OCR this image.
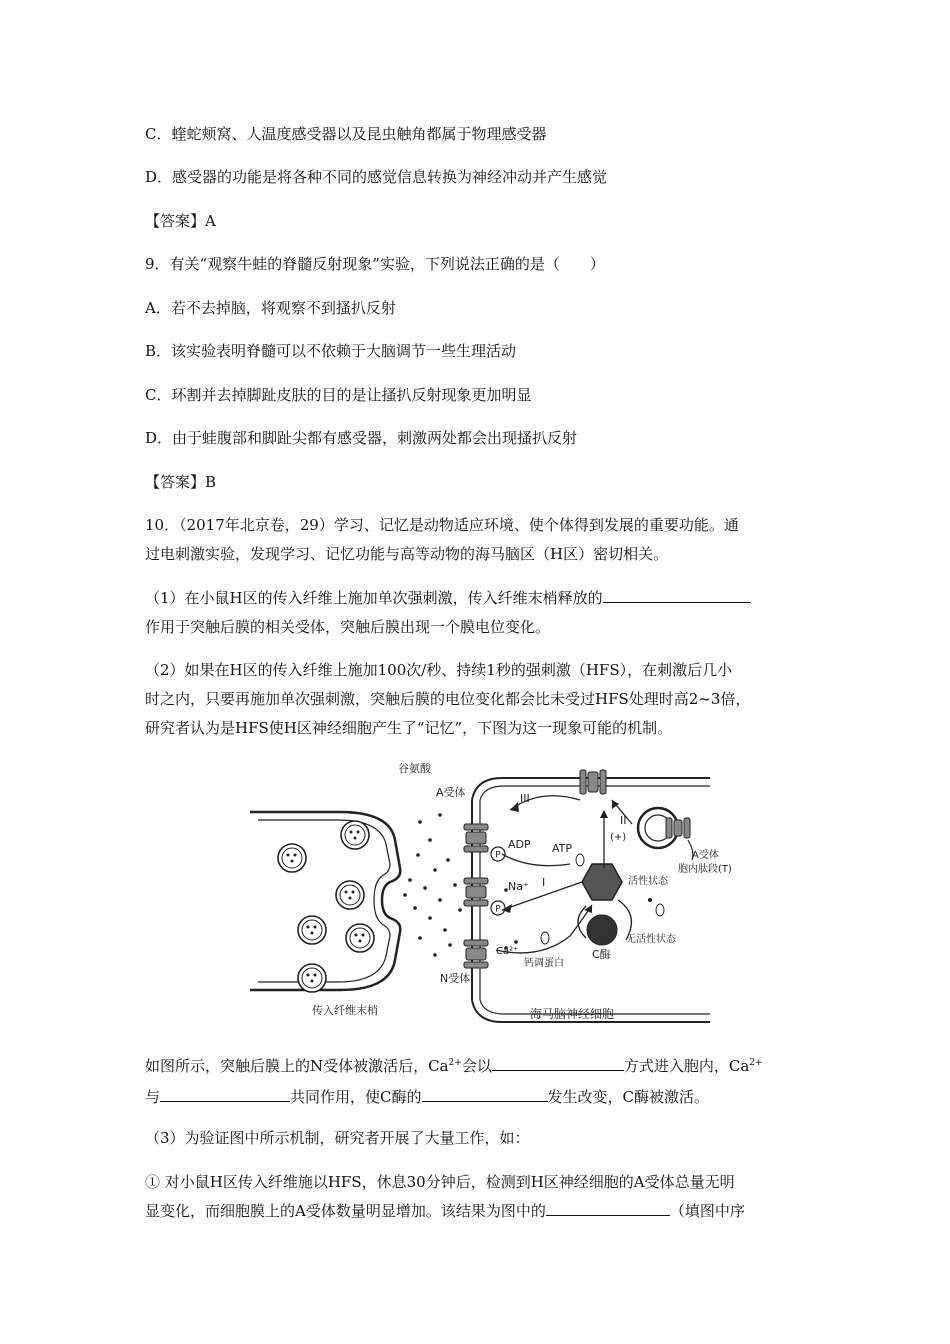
C．蝰蛇颊窝、人温度感受器以及昆虫触角都属于物理感受器
D．感受器的功能是将各种不同的感觉信息转换为神经冲动并产生感觉
【答案】A
9．有关“观察牛蛙的脊髓反射现象”实验，下列说法正确的是（　　）
A．若不去掉脑，将观察不到搔扒反射
B．该实验表明脊髓可以不依赖于大脑调节一些生理活动
C．环割并去掉脚趾皮肤的目的是让搔扒反射现象更加明显
D．由于蛙腹部和脚趾尖都有感受器，刺激两处都会出现搔扒反射
【答案】B
10．（2017年北京卷，29）学习、记忆是动物适应环境、使个体得到发展的重要功能。通
过电刺激实验，发现学习、记忆功能与高等动物的海马脑区（H区）密切相关。
（1）在小鼠H区的传入纤维上施加单次强刺激，传入纤维末梢释放的
作用于突触后膜的相关受体，突触后膜出现一个膜电位变化。
（2）如果在H区的传入纤维上施加100次/秒、持续1秒的强刺激（HFS），在刺激后几小
时之内，只要再施加单次强刺激，突触后膜的电位变化都会比未受过HFS处理时高2~3倍，
研究者认为是HFS使H区神经细胞产生了“记忆”，下图为这一现象可能的机制。
P
P
谷氨酸
A受体
ADP ATP
Na⁺
Ca²⁺
I
II
III
(+)
活性状态
无活性状态
C酶
钙调蛋白
N受体
A受体
胞内肽段(T)
传入纤维末梢	海马脑神经细胞
如图所示，突触后膜上的N受体被激活后，$Ca^{2+}$会以	方式进入胞内，$Ca^{2+}$
与	共同作用，使C酶的	发生改变，C酶被激活。
（3）为验证图中所示机制，研究者开展了大量工作，如：
① 对小鼠H区传入纤维施以HFS，休息30分钟后，检测到H区神经细胞的A受体总量无明
显变化，而细胞膜上的A受体数量明显增加。该结果为图中的	（填图中序
